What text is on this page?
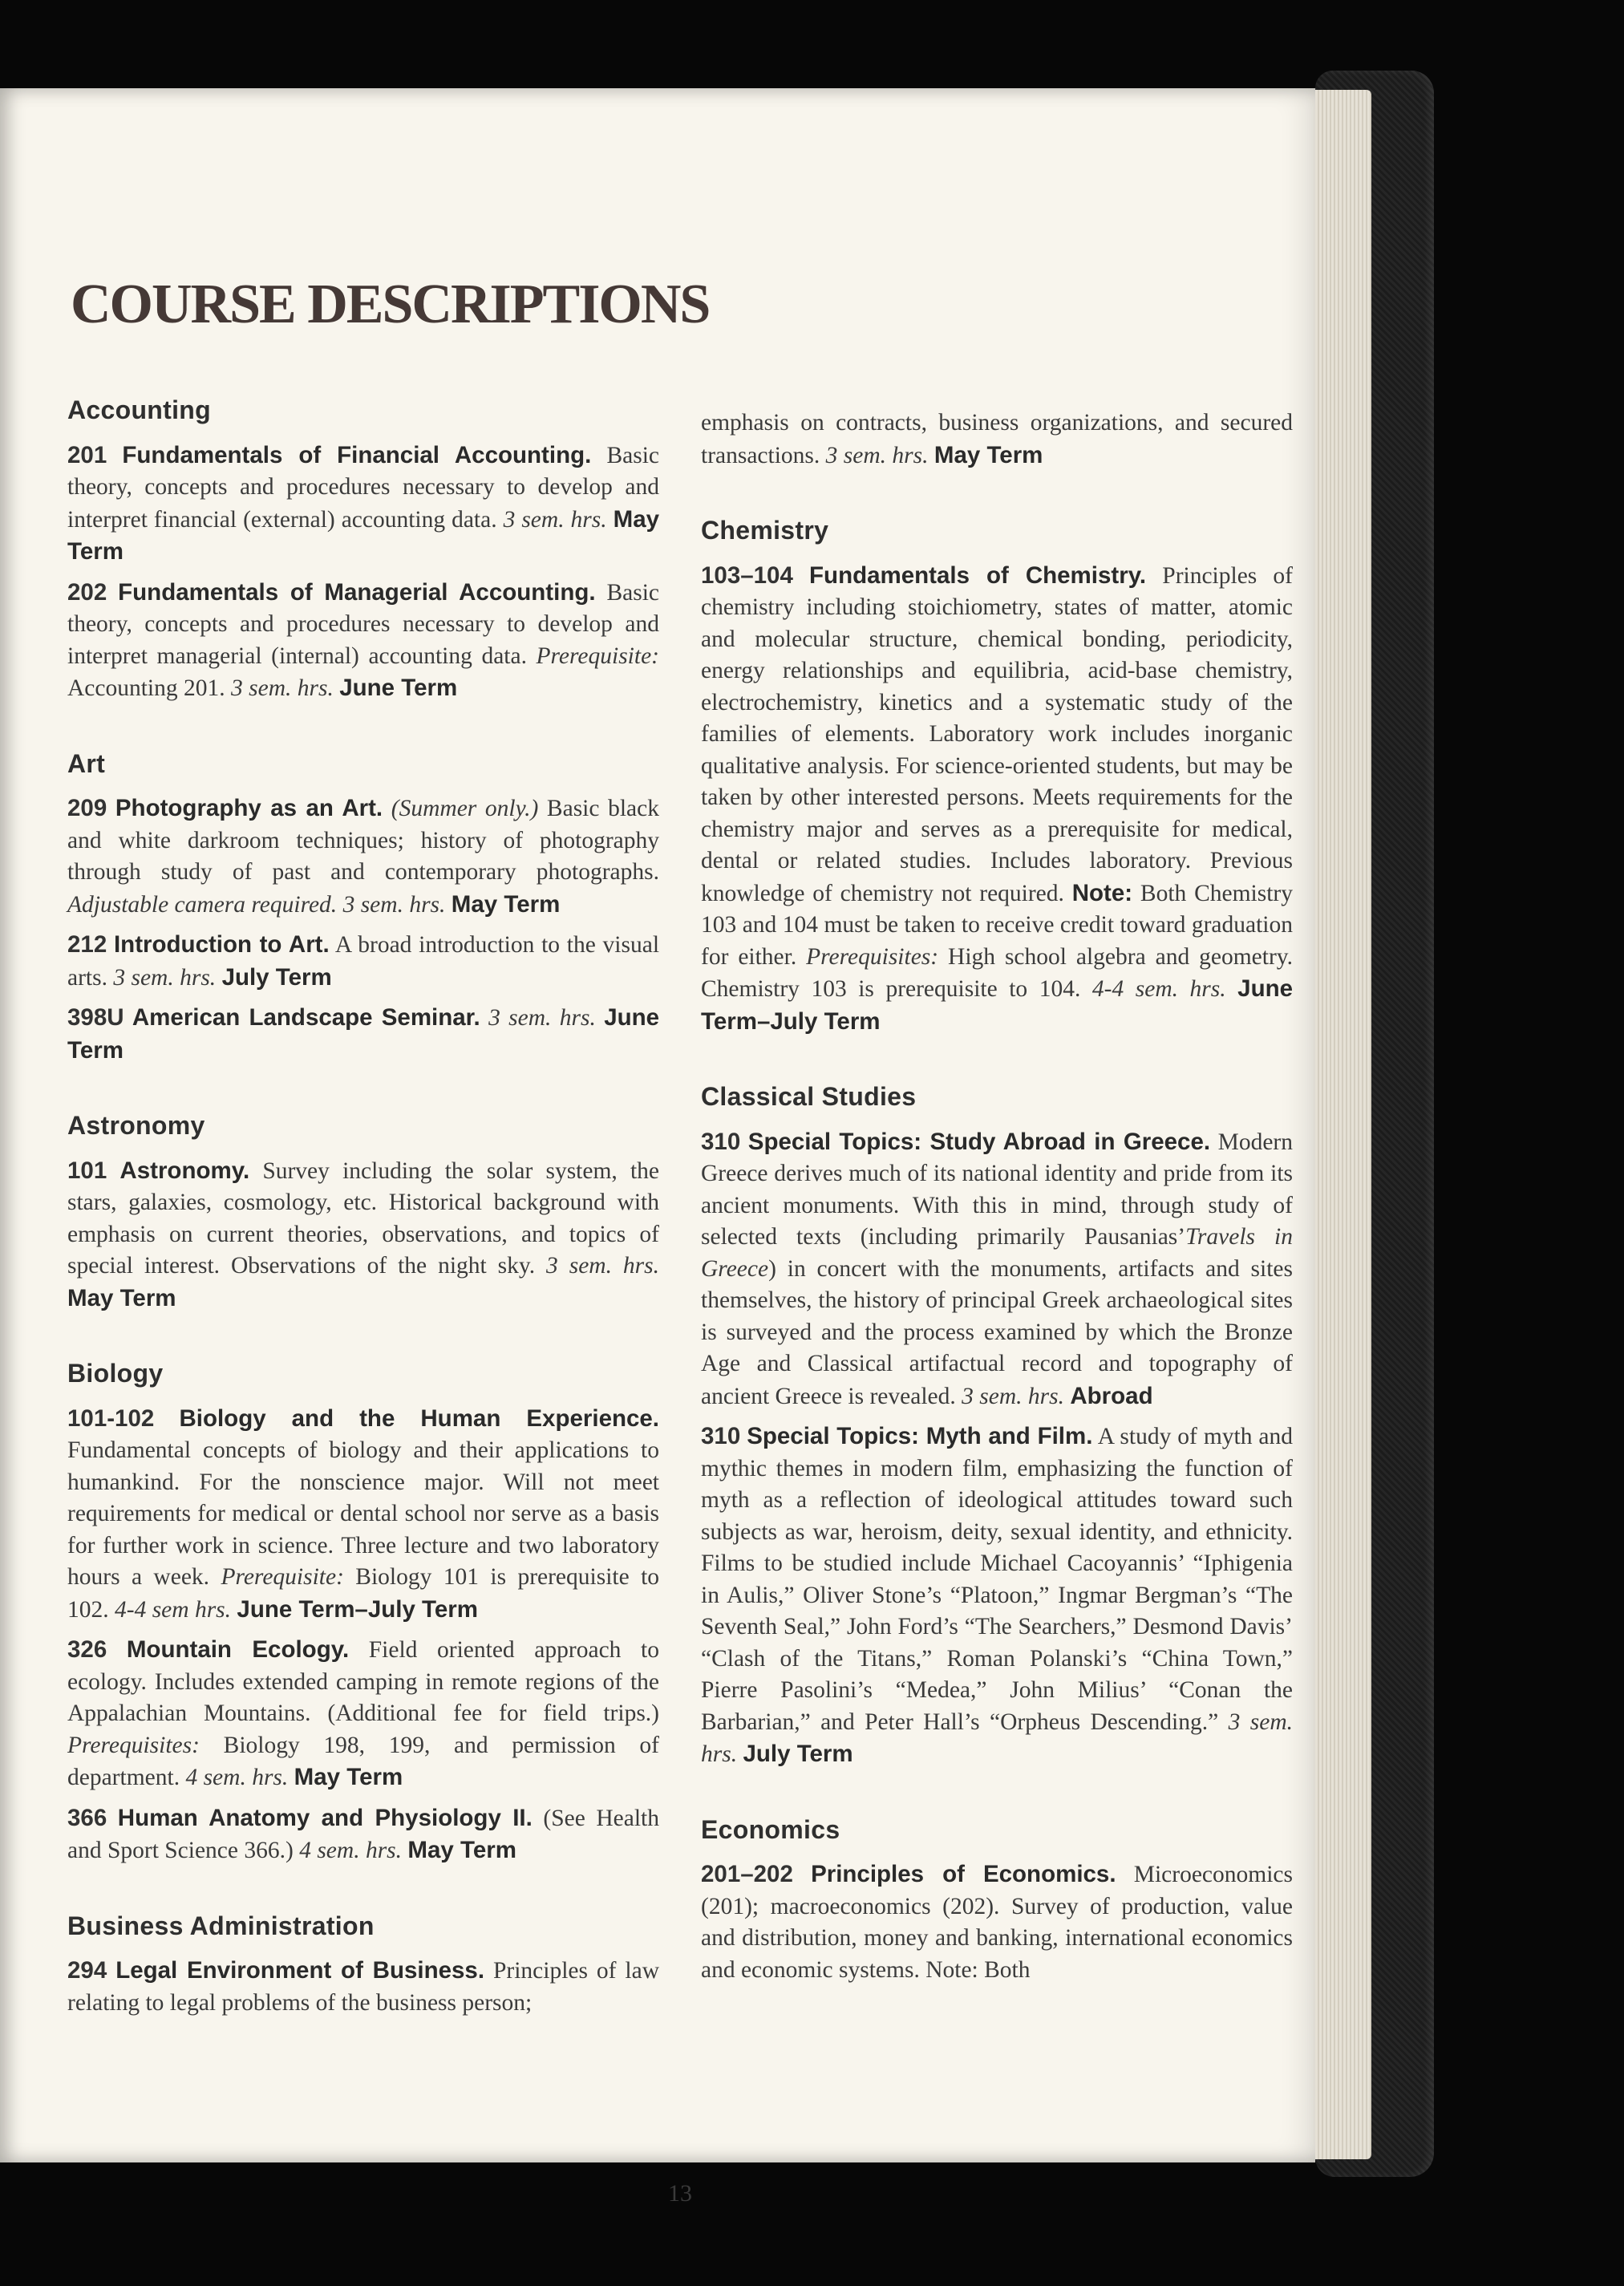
COURSE DESCRIPTIONS
Accounting

201 Fundamentals of Financial Accounting. Basic theory, concepts and procedures necessary to develop and interpret financial (external) accounting data. 3 sem. hrs. May Term

202 Fundamentals of Managerial Accounting. Basic theory, concepts and procedures necessary to develop and interpret managerial (internal) accounting data. Prerequisite: Accounting 201. 3 sem. hrs. June Term

Art

209 Photography as an Art. (Summer only.) Basic black and white darkroom techniques; history of photography through study of past and contemporary photographs. Adjustable camera required. 3 sem. hrs. May Term

212 Introduction to Art. A broad introduction to the visual arts. 3 sem. hrs. July Term

398U American Landscape Seminar. 3 sem. hrs. June Term

Astronomy

101 Astronomy. Survey including the solar system, the stars, galaxies, cosmology, etc. Historical background with emphasis on current theories, observations, and topics of special interest. Observations of the night sky. 3 sem. hrs. May Term

Biology

101-102 Biology and the Human Experience. Fundamental concepts of biology and their applications to humankind. For the nonscience major. Will not meet requirements for medical or dental school nor serve as a basis for further work in science. Three lecture and two laboratory hours a week. Prerequisite: Biology 101 is prerequisite to 102. 4-4 sem hrs. June Term–July Term

326 Mountain Ecology. Field oriented approach to ecology. Includes extended camping in remote regions of the Appalachian Mountains. (Additional fee for field trips.) Prerequisites: Biology 198, 199, and permission of department. 4 sem. hrs. May Term

366 Human Anatomy and Physiology II. (See Health and Sport Science 366.) 4 sem. hrs. May Term

Business Administration

294 Legal Environment of Business. Principles of law relating to legal problems of the business person;

emphasis on contracts, business organizations, and secured transactions. 3 sem. hrs. May Term

Chemistry

103–104 Fundamentals of Chemistry. Principles of chemistry including stoichiometry, states of matter, atomic and molecular structure, chemical bonding, periodicity, energy relationships and equilibria, acid-base chemistry, electrochemistry, kinetics and a systematic study of the families of elements. Laboratory work includes inorganic qualitative analysis. For science-oriented students, but may be taken by other interested persons. Meets requirements for the chemistry major and serves as a prerequisite for medical, dental or related studies. Includes laboratory. Previous knowledge of chemistry not required. Note: Both Chemistry 103 and 104 must be taken to receive credit toward graduation for either. Prerequisites: High school algebra and geometry. Chemistry 103 is prerequisite to 104. 4-4 sem. hrs. June Term–July Term

Classical Studies

310 Special Topics: Study Abroad in Greece. Modern Greece derives much of its national identity and pride from its ancient monuments. With this in mind, through study of selected texts (including primarily Pausanias’Travels in Greece) in concert with the monuments, artifacts and sites themselves, the history of principal Greek archaeological sites is surveyed and the process examined by which the Bronze Age and Classical artifactual record and topography of ancient Greece is revealed. 3 sem. hrs. Abroad

310 Special Topics: Myth and Film. A study of myth and mythic themes in modern film, emphasizing the function of myth as a reflection of ideological attitudes toward such subjects as war, heroism, deity, sexual identity, and ethnicity. Films to be studied include Michael Cacoyannis’ “Iphigenia in Aulis,” Oliver Stone’s “Platoon,” Ingmar Bergman’s “The Seventh Seal,” John Ford’s “The Searchers,” Desmond Davis’ “Clash of the Titans,” Roman Polanski’s “China Town,” Pierre Pasolini’s “Medea,” John Milius’ “Conan the Barbarian,” and Peter Hall’s “Orpheus Descending.” 3 sem. hrs. July Term

Economics

201–202 Principles of Economics. Microeconomics (201); macroeconomics (202). Survey of production, value and distribution, money and banking, international economics and economic systems. Note: Both

13
